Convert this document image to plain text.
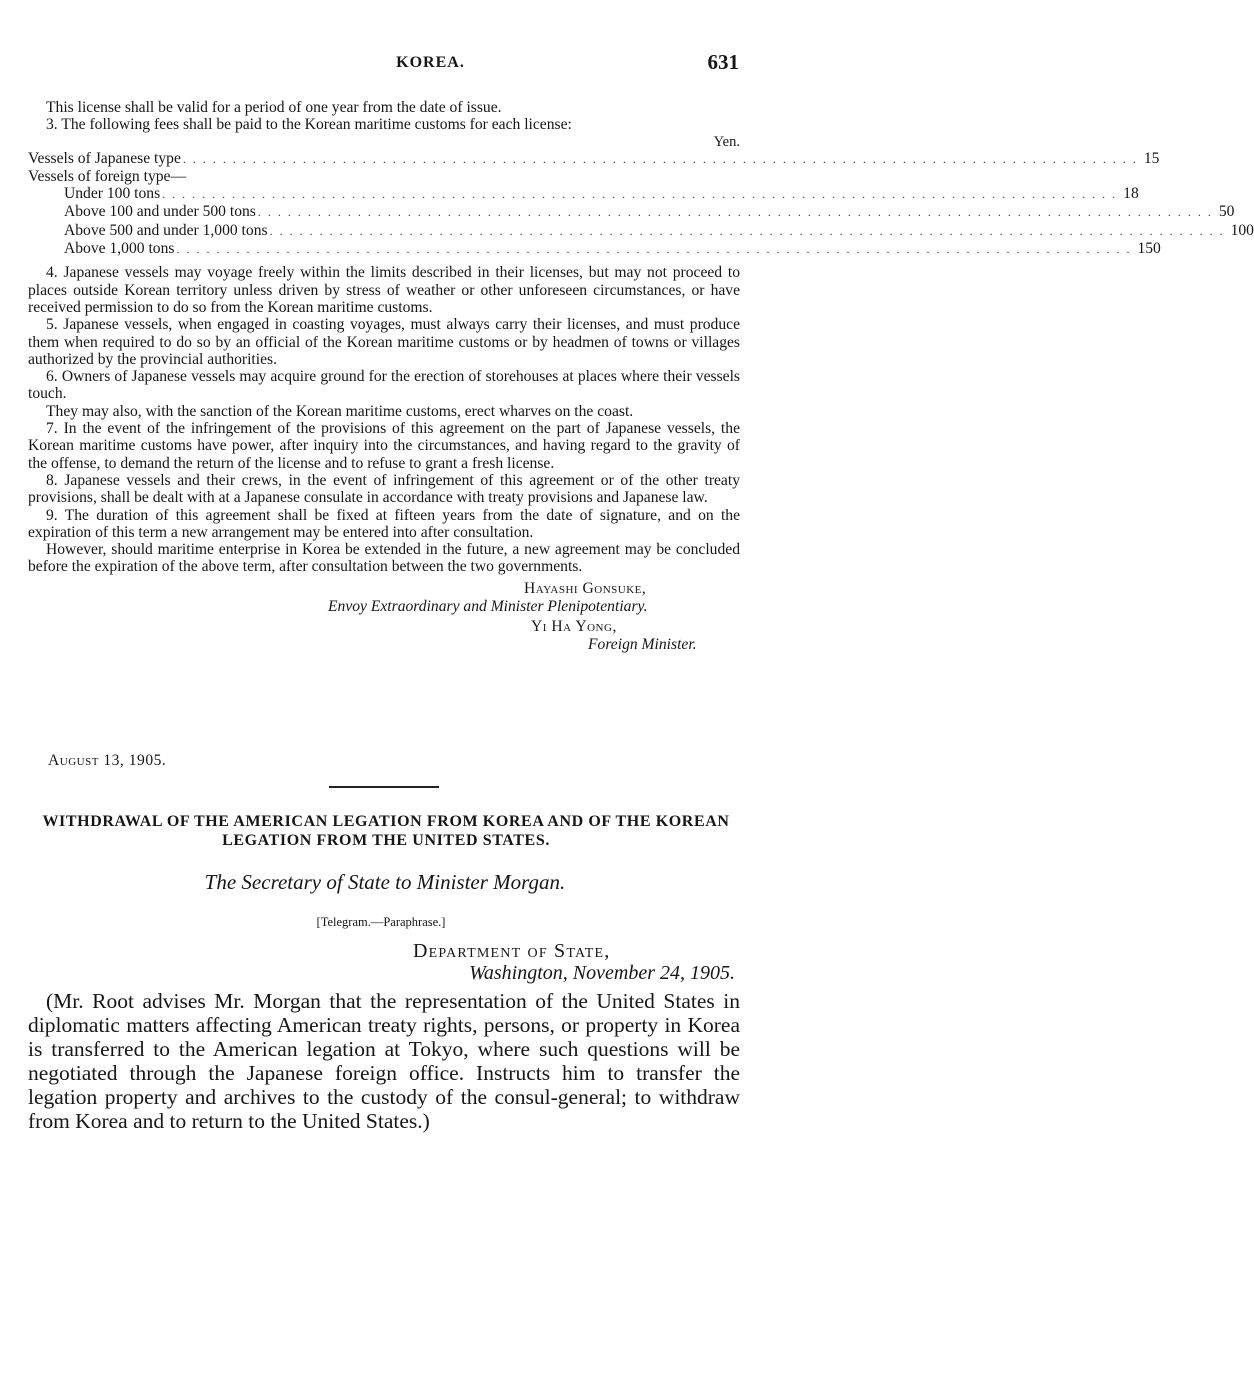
KOREA.	631

This license shall be valid for a period of one year from the date of issue.

3. The following fees shall be paid to the Korean maritime customs for each license:

Yen.
Vessels of Japanese type . . . . . . . . . . . . . . . . . . . . . . . . . . . . . . . . . . . . . . . . . . . . . . . . . . . . . . . . . . . . . . . . . . . . . . . . . . . . . . . . . . . . . . . . . . . . . . . . 15
Vessels of foreign type—
Under 100 tons . . . . . . . . . . . . . . . . . . . . . . . . . . . . . . . . . . . . . . . . . . . . . . . . . . . . . . . . . . . . . . . . . . . . . . . . . . . . . . . . . . . . . . . . . . . . . . . . 18
Above 100 and under 500 tons . . . . . . . . . . . . . . . . . . . . . . . . . . . . . . . . . . . . . . . . . . . . . . . . . . . . . . . . . . . . . . . . . . . . . . . . . . . . . . . . . . . . . . . . . . . . . . . . 50
Above 500 and under 1,000 tons . . . . . . . . . . . . . . . . . . . . . . . . . . . . . . . . . . . . . . . . . . . . . . . . . . . . . . . . . . . . . . . . . . . . . . . . . . . . . . . . . . . . . . . . . . . . . . . . 100
Above 1,000 tons . . . . . . . . . . . . . . . . . . . . . . . . . . . . . . . . . . . . . . . . . . . . . . . . . . . . . . . . . . . . . . . . . . . . . . . . . . . . . . . . . . . . . . . . . . . . . . . . 150

4. Japanese vessels may voyage freely within the limits described in their licenses, but may not proceed to places outside Korean territory unless driven by stress of weather or other unforeseen circumstances, or have received permission to do so from the Korean maritime customs.

5. Japanese vessels, when engaged in coasting voyages, must always carry their licenses, and must produce them when required to do so by an official of the Korean maritime customs or by headmen of towns or villages authorized by the provincial authorities.

6. Owners of Japanese vessels may acquire ground for the erection of storehouses at places where their vessels touch.

They may also, with the sanction of the Korean maritime customs, erect wharves on the coast.

7. In the event of the infringement of the provisions of this agreement on the part of Japanese vessels, the Korean maritime customs have power, after inquiry into the circumstances, and having regard to the gravity of the offense, to demand the return of the license and to refuse to grant a fresh license.

8. Japanese vessels and their crews, in the event of infringement of this agreement or of the other treaty provisions, shall be dealt with at a Japanese consulate in accordance with treaty provisions and Japanese law.

9. The duration of this agreement shall be fixed at fifteen years from the date of signature, and on the expiration of this term a new arrangement may be entered into after consultation.

However, should maritime enterprise in Korea be extended in the future, a new agreement may be concluded before the expiration of the above term, after consultation between the two governments.

Hayashi Gonsuke,
Envoy Extraordinary and Minister Plenipotentiary.
Yi Ha Yong,
Foreign Minister.
August 13, 1905.
WITHDRAWAL OF THE AMERICAN LEGATION FROM KOREA AND OF THE KOREAN LEGATION FROM THE UNITED STATES.
The Secretary of State to Minister Morgan.
[Telegram.—Paraphrase.]
Department of State,
Washington, November 24, 1905.

(Mr. Root advises Mr. Morgan that the representation of the United States in diplomatic matters affecting American treaty rights, persons, or property in Korea is transferred to the American legation at Tokyo, where such questions will be negotiated through the Japanese foreign office. Instructs him to transfer the legation property and archives to the custody of the consul-general; to withdraw from Korea and to return to the United States.)
